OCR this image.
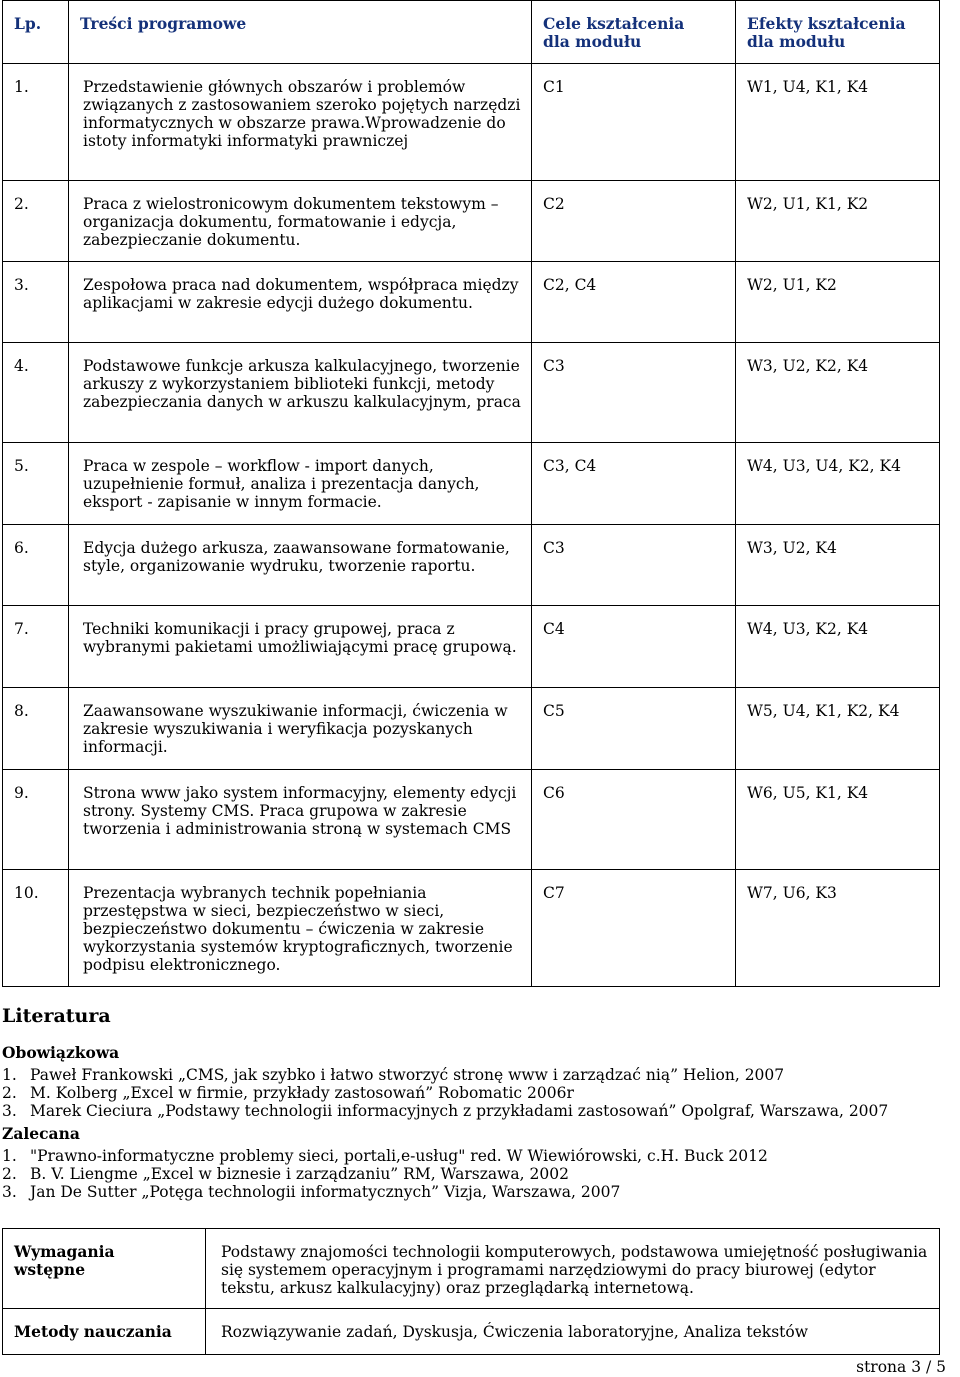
Lp.	Treści programowe	Cele kształcenia dla modułu	Efekty kształcenia dla modułu

1.	Przedstawienie głównych obszarów i problemów związanych z zastosowaniem szeroko pojętych narzędzi informatycznych w obszarze prawa.Wprowadzenie do istoty informatyki informatyki prawniczej	C1	W1, U4, K1, K4

2.	Praca z wielostronicowym dokumentem tekstowym – organizacja dokumentu, formatowanie i edycja, zabezpieczanie dokumentu.	C2	W2, U1, K1, K2

3.	Zespołowa praca nad dokumentem, współpraca między aplikacjami w zakresie edycji dużego dokumentu.	C2, C4	W2, U1, K2

4.	Podstawowe funkcje arkusza kalkulacyjnego, tworzenie arkuszy z wykorzystaniem biblioteki funkcji, metody zabezpieczania danych w arkuszu kalkulacyjnym, praca	C3	W3, U2, K2, K4

5.	Praca w zespole – workflow - import danych, uzupełnienie formuł, analiza i prezentacja danych, eksport - zapisanie w innym formacie.	C3, C4	W4, U3, U4, K2, K4

6.	Edycja dużego arkusza, zaawansowane formatowanie, style, organizowanie wydruku, tworzenie raportu.	C3	W3, U2, K4

7.	Techniki komunikacji i pracy grupowej, praca z wybranymi pakietami umożliwiającymi pracę grupową.	C4	W4, U3, K2, K4

8.	Zaawansowane wyszukiwanie informacji, ćwiczenia w zakresie wyszukiwania i weryfikacja pozyskanych informacji.	C5	W5, U4, K1, K2, K4

9.	Strona www jako system informacyjny, elementy edycji strony. Systemy CMS. Praca grupowa w zakresie tworzenia i administrowania stroną w systemach CMS	C6	W6, U5, K1, K4

10.	Prezentacja wybranych technik popełniania przestępstwa w sieci, bezpieczeństwo w sieci, bezpieczeństwo dokumentu – ćwiczenia w zakresie wykorzystania systemów kryptograficznych, tworzenie podpisu elektronicznego.	C7	W7, U6, K3
Literatura
Obowiązkowa
1. Paweł Frankowski „CMS, jak szybko i łatwo stworzyć stronę www i zarządzać nią” Helion, 2007
2. M. Kolberg „Excel w firmie, przykłady zastosowań” Robomatic 2006r
3. Marek Cieciura „Podstawy technologii informacyjnych z przykładami zastosowań” Opolgraf, Warszawa, 2007
Zalecana
1. "Prawno-informatyczne problemy sieci, portali,e-usług" red. W Wiewiórowski, c.H. Buck 2012
2. B. V. Liengme „Excel w biznesie i zarządzaniu” RM, Warszawa, 2002
3. Jan De Sutter „Potęga technologii informatycznych” Vizja, Warszawa, 2007
Wymagania wstępne	Podstawy znajomości technologii komputerowych, podstawowa umiejętność posługiwania się systemem operacyjnym i programami narzędziowymi do pracy biurowej (edytor tekstu, arkusz kalkulacyjny) oraz przeglądarką internetową.
Metody nauczania	Rozwiązywanie zadań, Dyskusja, Ćwiczenia laboratoryjne, Analiza tekstów
strona 3 / 5
